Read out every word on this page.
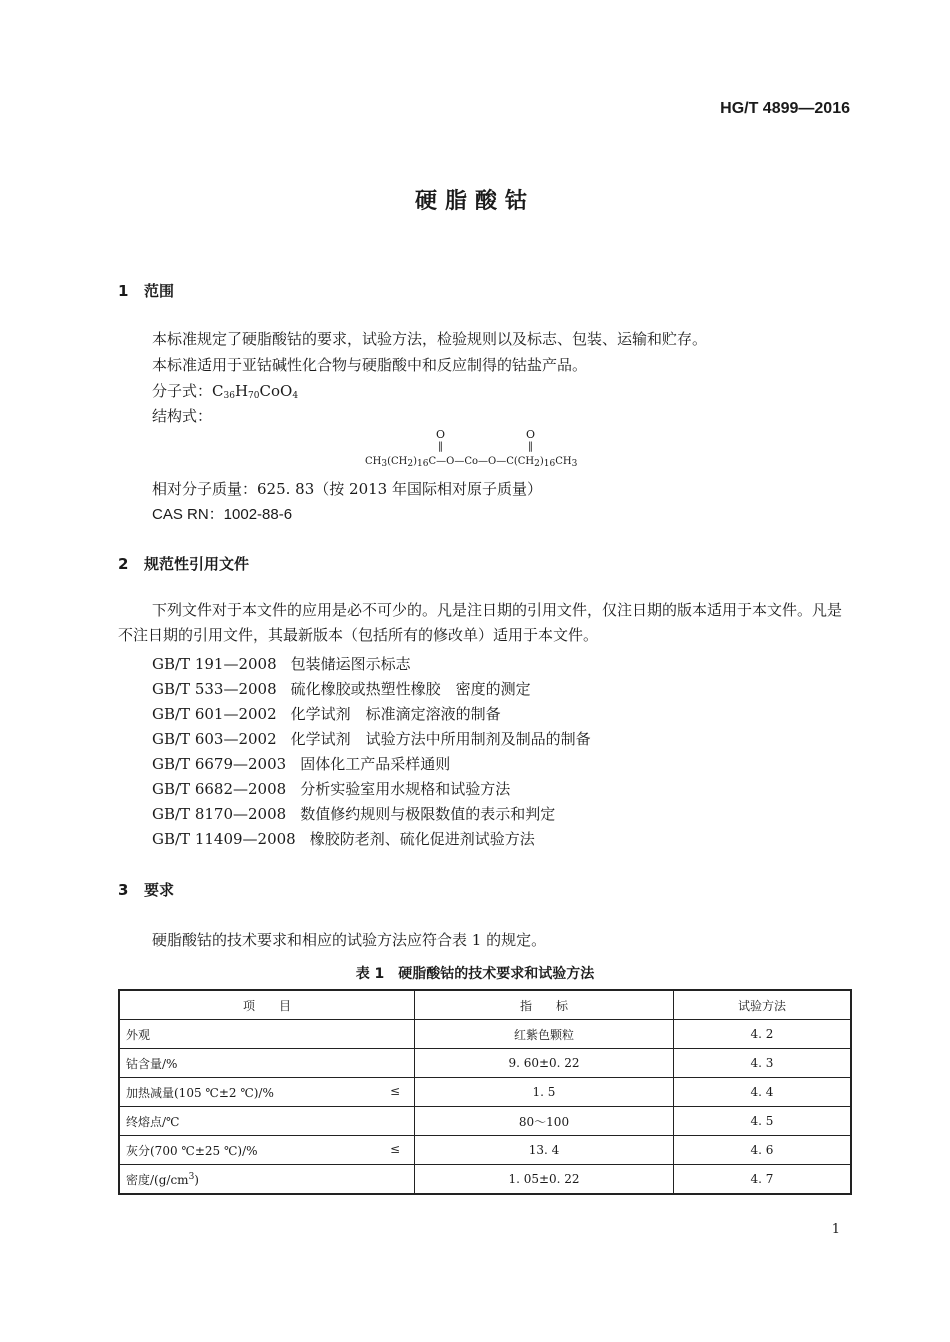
HG/T 4899—2016
硬脂酸钴
1 范围
本标准规定了硬脂酸钴的要求，试验方法，检验规则以及标志、包装、运输和贮存。
本标准适用于亚钴碱性化合物与硬脂酸中和反应制得的钴盐产品。
分子式：$C_{36}H_{70}CoO_4$
结构式：
O
‖
O
‖
$CH_3(CH_2)_{16}C—O—Co—O—C(CH_2)_{16}CH_3$
相对分子质量：625. 83（按 2013 年国际相对原子质量）
CAS RN：1002-88-6
2 规范性引用文件
下列文件对于本文件的应用是必不可少的。凡是注日期的引用文件，仅注日期的版本适用于本文件。凡是不注日期的引用文件，其最新版本（包括所有的修改单）适用于本文件。
GB/T 191—2008 包装储运图示标志
GB/T 533—2008 硫化橡胶或热塑性橡胶　密度的测定
GB/T 601—2002 化学试剂　标准滴定溶液的制备
GB/T 603—2002 化学试剂　试验方法中所用制剂及制品的制备
GB/T 6679—2003 固体化工产品采样通则
GB/T 6682—2008 分析实验室用水规格和试验方法
GB/T 8170—2008 数值修约规则与极限数值的表示和判定
GB/T 11409—2008 橡胶防老剂、硫化促进剂试验方法
3 要求
硬脂酸钴的技术要求和相应的试验方法应符合表 1 的规定。
表 1　硬脂酸钴的技术要求和试验方法
项　　目	指　　标	试验方法
外观	红紫色颗粒	4. 2
钴含量/%	9. 60±0. 22	4. 3
加热减量(105 ℃±2 ℃)/% ≤	1. 5	4. 4
终熔点/℃	80～100	4. 5
灰分(700 ℃±25 ℃)/% ≤	13. 4	4. 6
密度$/(g/cm^3)$	1. 05±0. 22	4. 7
1
